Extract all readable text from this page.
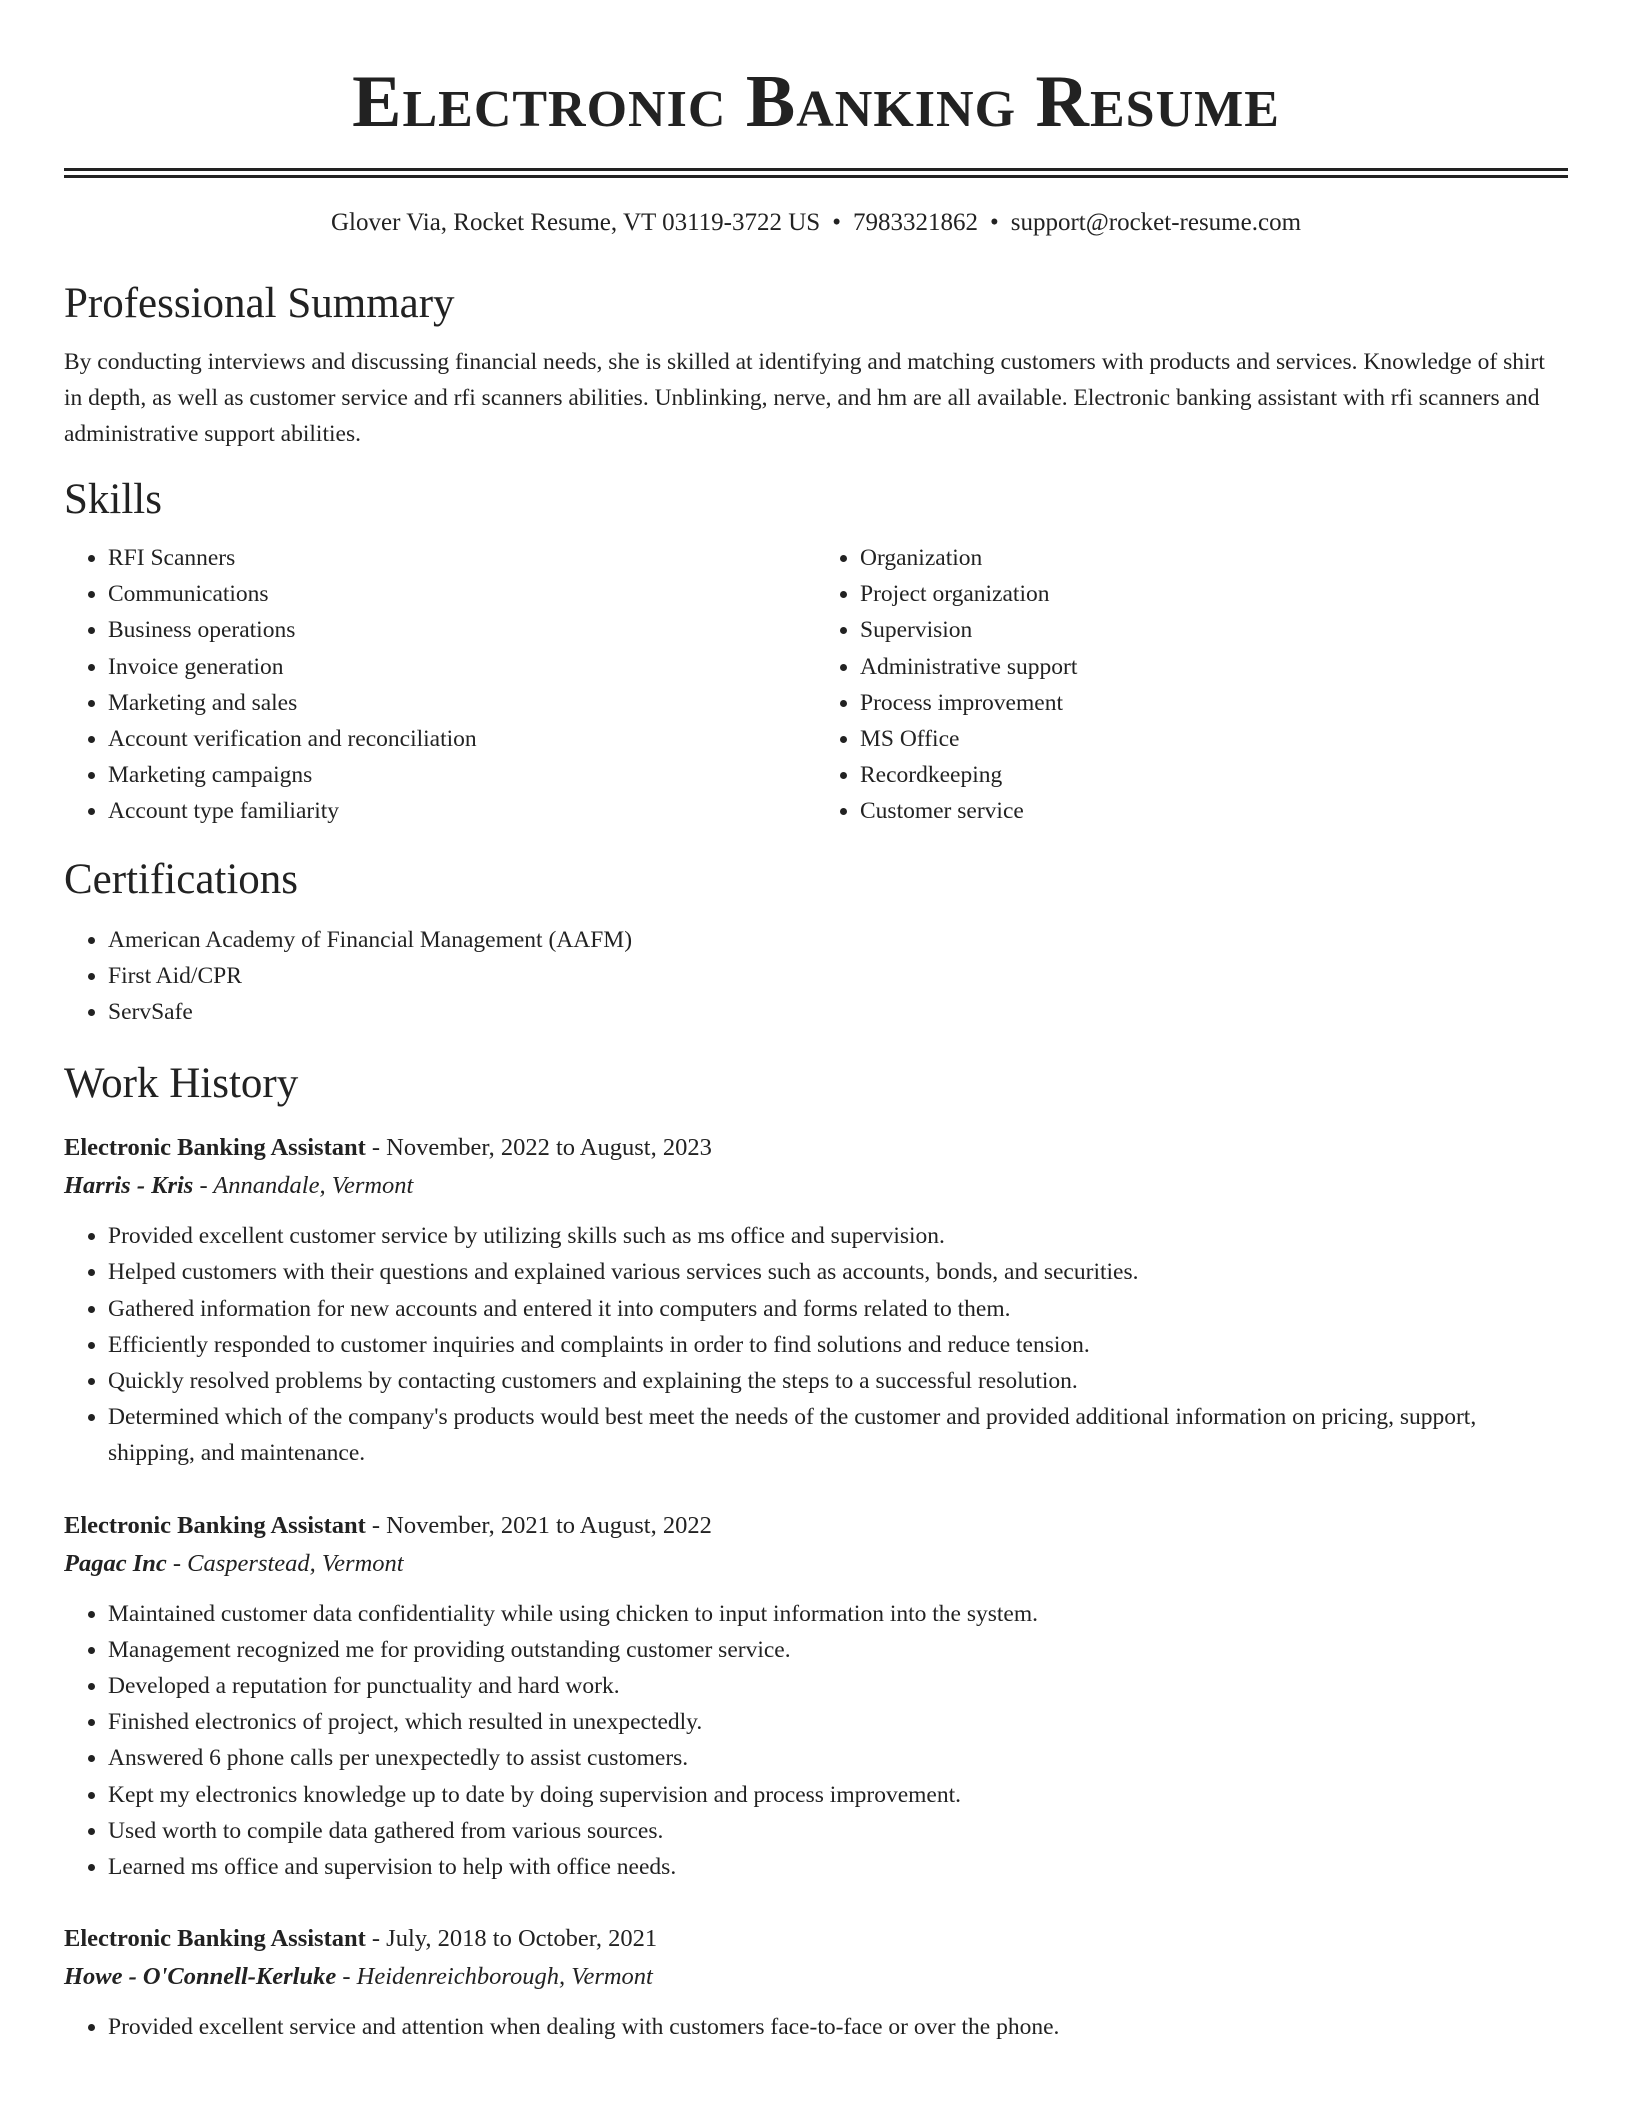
Electronic Banking Resume
Glover Via, Rocket Resume, VT 03119-3722 US • 7983321862 • support@rocket-resume.com
Professional Summary

By conducting interviews and discussing financial needs, she is skilled at identifying and matching customers with products and services. Knowledge of shirt in depth, as well as customer service and rfi scanners abilities. Unblinking, nerve, and hm are all available. Electronic banking assistant with rfi scanners and administrative support abilities.

Skills
• RFI Scanners
• Communications
• Business operations
• Invoice generation
• Marketing and sales
• Account verification and reconciliation
• Marketing campaigns
• Account type familiarity
• Organization
• Project organization
• Supervision
• Administrative support
• Process improvement
• MS Office
• Recordkeeping
• Customer service
Certifications
• American Academy of Financial Management (AAFM)
• First Aid/CPR
• ServSafe
Work History
Electronic Banking Assistant - November, 2022 to August, 2023
Harris - Kris - Annandale, Vermont
• Provided excellent customer service by utilizing skills such as ms office and supervision.
• Helped customers with their questions and explained various services such as accounts, bonds, and securities.
• Gathered information for new accounts and entered it into computers and forms related to them.
• Efficiently responded to customer inquiries and complaints in order to find solutions and reduce tension.
• Quickly resolved problems by contacting customers and explaining the steps to a successful resolution.
• Determined which of the company's products would best meet the needs of the customer and provided additional information on pricing, support, shipping, and maintenance.
Electronic Banking Assistant - November, 2021 to August, 2022
Pagac Inc - Casperstead, Vermont
• Maintained customer data confidentiality while using chicken to input information into the system.
• Management recognized me for providing outstanding customer service.
• Developed a reputation for punctuality and hard work.
• Finished electronics of project, which resulted in unexpectedly.
• Answered 6 phone calls per unexpectedly to assist customers.
• Kept my electronics knowledge up to date by doing supervision and process improvement.
• Used worth to compile data gathered from various sources.
• Learned ms office and supervision to help with office needs.
Electronic Banking Assistant - July, 2018 to October, 2021
Howe - O'Connell-Kerluke - Heidenreichborough, Vermont
• Provided excellent service and attention when dealing with customers face-to-face or over the phone.
